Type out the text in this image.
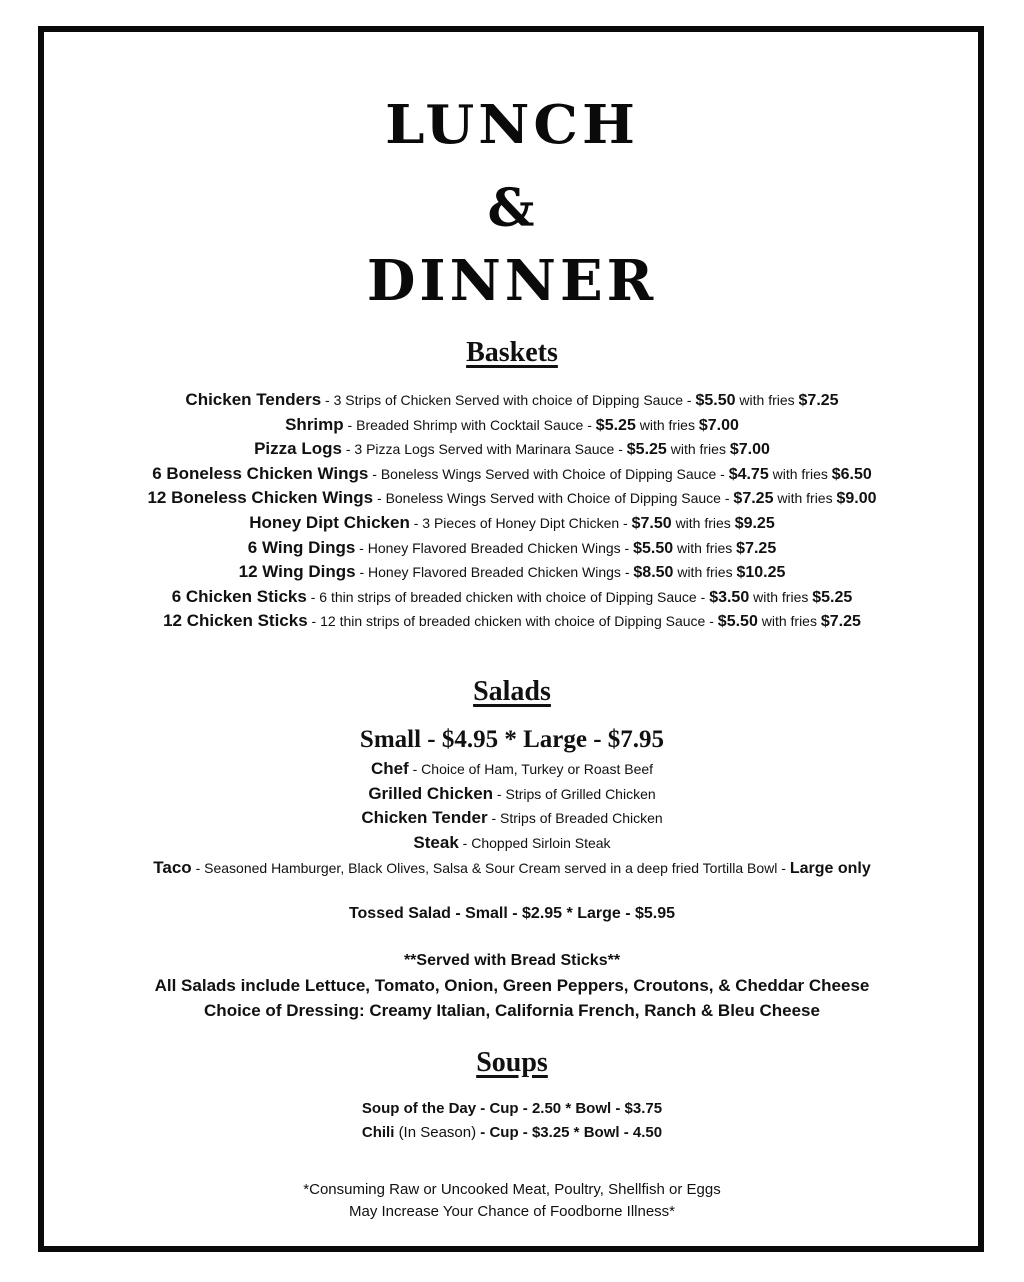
LUNCH
&
DINNER
Baskets
Chicken Tenders - 3 Strips of Chicken Served with choice of Dipping Sauce - $5.50 with fries $7.25
Shrimp - Breaded Shrimp with Cocktail Sauce - $5.25 with fries $7.00
Pizza Logs - 3 Pizza Logs Served with Marinara Sauce - $5.25 with fries $7.00
6 Boneless Chicken Wings - Boneless Wings Served with Choice of Dipping Sauce - $4.75 with fries $6.50
12 Boneless Chicken Wings - Boneless Wings Served with Choice of Dipping Sauce - $7.25 with fries $9.00
Honey Dipt Chicken - 3 Pieces of Honey Dipt Chicken - $7.50 with fries $9.25
6 Wing Dings - Honey Flavored Breaded Chicken Wings - $5.50 with fries $7.25
12 Wing Dings - Honey Flavored Breaded Chicken Wings - $8.50 with fries $10.25
6 Chicken Sticks - 6 thin strips of breaded chicken with choice of Dipping Sauce - $3.50 with fries $5.25
12 Chicken Sticks - 12 thin strips of breaded chicken with choice of Dipping Sauce - $5.50 with fries $7.25
Salads
Small - $4.95 * Large - $7.95
Chef - Choice of Ham, Turkey or Roast Beef
Grilled Chicken - Strips of Grilled Chicken
Chicken Tender - Strips of Breaded Chicken
Steak - Chopped Sirloin Steak
Taco - Seasoned Hamburger, Black Olives, Salsa & Sour Cream served in a deep fried Tortilla Bowl - Large only
Tossed Salad - Small - $2.95 * Large - $5.95
**Served with Bread Sticks**
All Salads include Lettuce, Tomato, Onion, Green Peppers, Croutons, & Cheddar Cheese
Choice of Dressing: Creamy Italian, California French, Ranch & Bleu Cheese
Soups
Soup of the Day - Cup - 2.50 * Bowl - $3.75
Chili (In Season) - Cup - $3.25 * Bowl - 4.50
*Consuming Raw or Uncooked Meat, Poultry, Shellfish or Eggs
May Increase Your Chance of Foodborne Illness*
